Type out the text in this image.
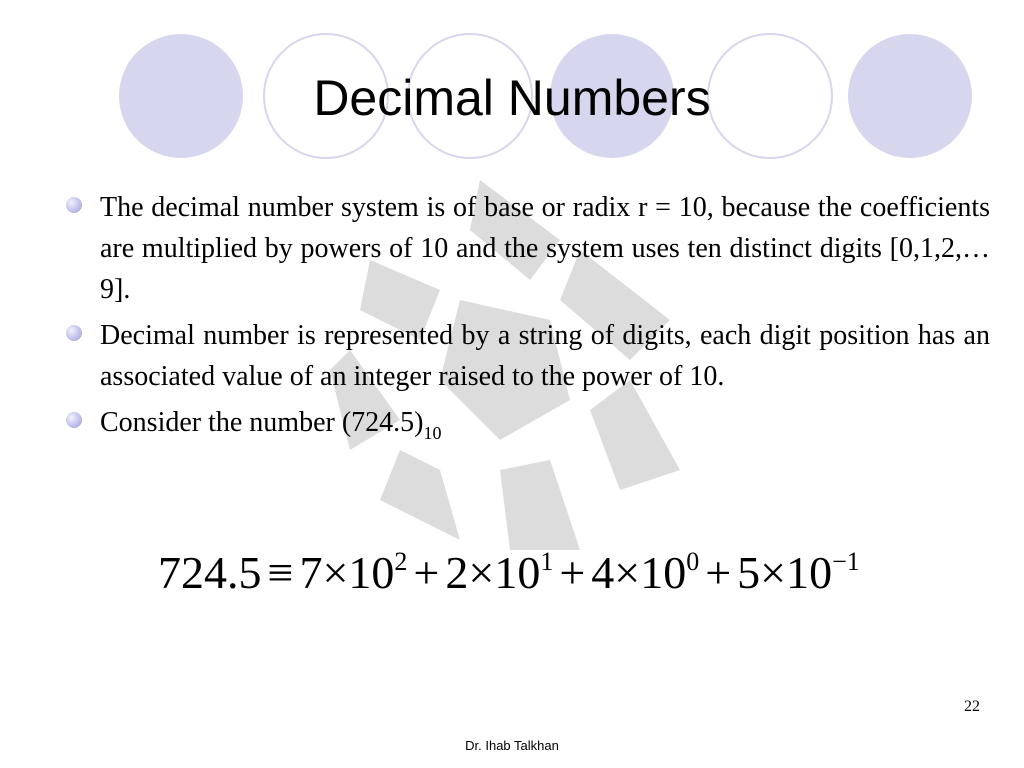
Decimal Numbers
The decimal number system is of base or radix r = 10, because the coefficients are multiplied by powers of 10 and the system uses ten distinct digits [0,1,2,…9].
Decimal number is represented by a string of digits, each digit position has an associated value of an integer raised to the power of 10.
Consider the number $(724.5)_{10}$
$724.5 \equiv 7\times 10^2 + 2\times 10^1 + 4\times 10^0 + 5\times 10^{-1}$
22
Dr. Ihab Talkhan
